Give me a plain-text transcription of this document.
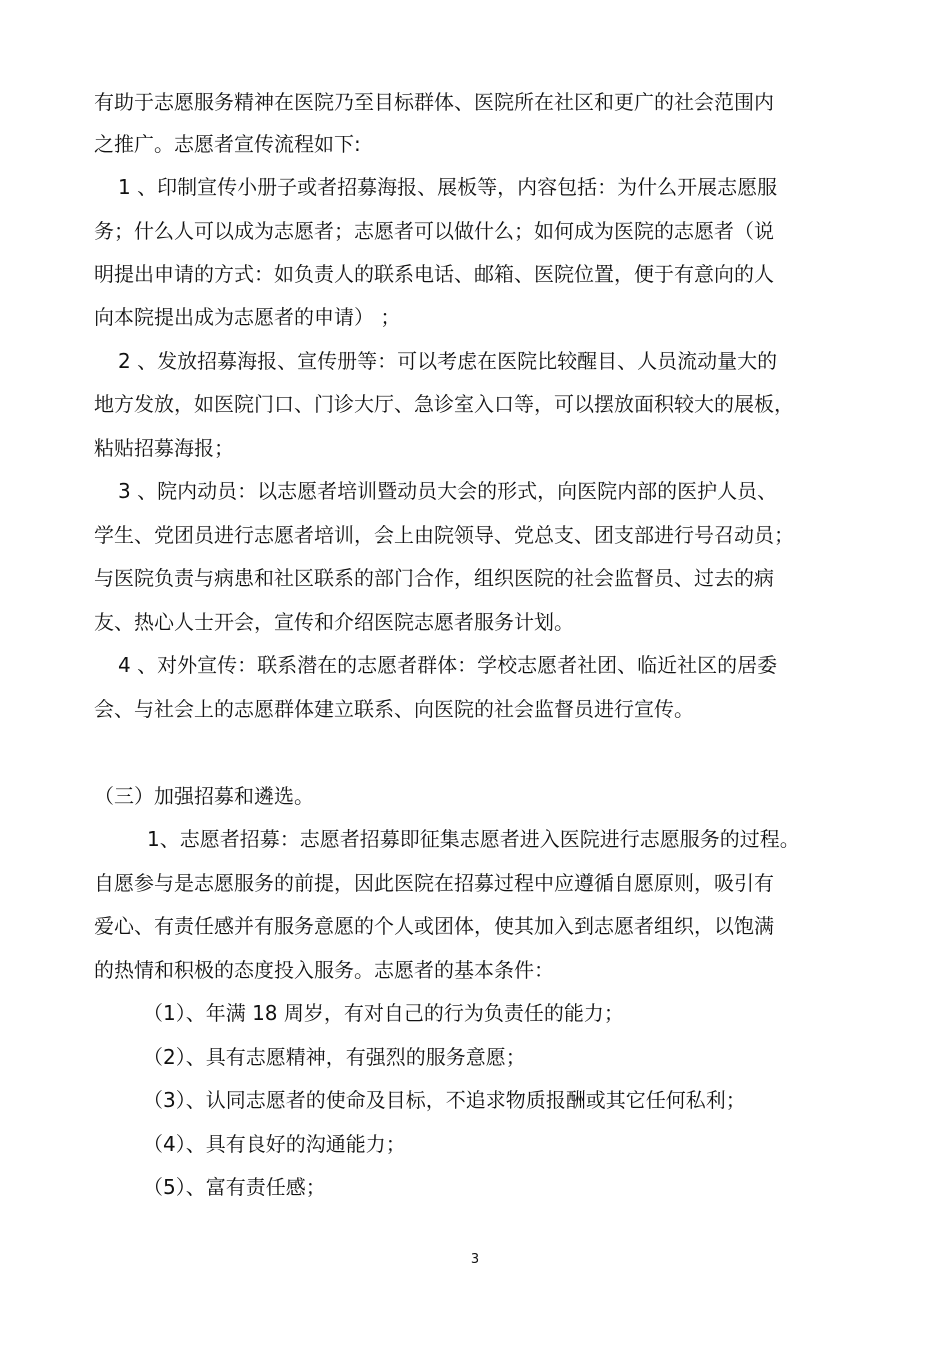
有助于志愿服务精神在医院乃至目标群体、医院所在社区和更广的社会范围内
之推广。志愿者宣传流程如下:
1 、印制宣传小册子或者招募海报、展板等，内容包括：为什么开展志愿服
务；什么人可以成为志愿者；志愿者可以做什么；如何成为医院的志愿者（说
明提出申请的方式：如负责人的联系电话、邮箱、医院位置，便于有意向的人
向本院提出成为志愿者的申请） ；
2 、发放招募海报、宣传册等：可以考虑在医院比较醒目、人员流动量大的
地方发放，如医院门口、门诊大厅、急诊室入口等，可以摆放面积较大的展板，
粘贴招募海报；
3 、院内动员：以志愿者培训暨动员大会的形式，向医院内部的医护人员、
学生、党团员进行志愿者培训，会上由院领导、党总支、团支部进行号召动员；
与医院负责与病患和社区联系的部门合作，组织医院的社会监督员、过去的病
友、热心人士开会，宣传和介绍医院志愿者服务计划。
4 、对外宣传：联系潜在的志愿者群体：学校志愿者社团、临近社区的居委
会、与社会上的志愿群体建立联系、向医院的社会监督员进行宣传。
（三）加强招募和遴选。
1、志愿者招募：志愿者招募即征集志愿者进入医院进行志愿服务的过程。
自愿参与是志愿服务的前提，因此医院在招募过程中应遵循自愿原则，吸引有
爱心、有责任感并有服务意愿的个人或团体，使其加入到志愿者组织，以饱满
的热情和积极的态度投入服务。志愿者的基本条件：
（1）、年满 18 周岁，有对自己的行为负责任的能力；
（2）、具有志愿精神，有强烈的服务意愿；
（3）、认同志愿者的使命及目标，不追求物质报酬或其它任何私利；
（4）、具有良好的沟通能力；
（5）、富有责任感；
3
